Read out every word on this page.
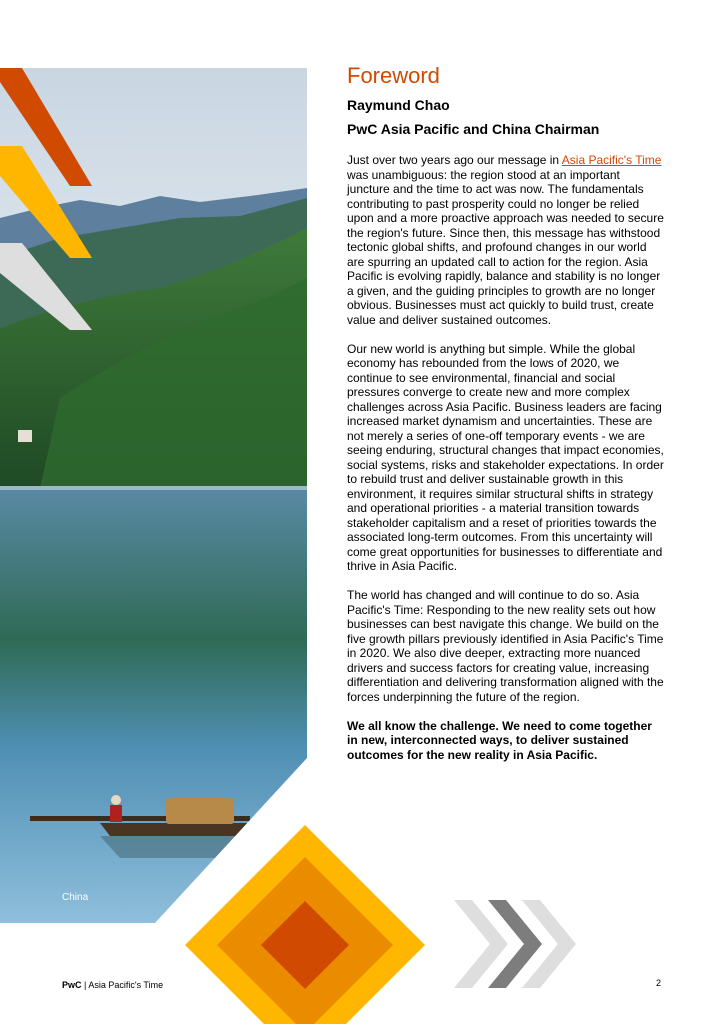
China
Foreword

Raymund Chao

PwC Asia Pacific and China Chairman

Just over two years ago our message in Asia Pacific's Time was unambiguous: the region stood at an important juncture and the time to act was now. The fundamentals contributing to past prosperity could no longer be relied upon and a more proactive approach was needed to secure the region's future. Since then, this message has withstood tectonic global shifts, and profound changes in our world are spurring an updated call to action for the region. Asia Pacific is evolving rapidly, balance and stability is no longer a given, and the guiding principles to growth are no longer obvious. Businesses must act quickly to build trust, create value and deliver sustained outcomes.

Our new world is anything but simple. While the global economy has rebounded from the lows of 2020, we continue to see environmental, financial and social pressures converge to create new and more complex challenges across Asia Pacific. Business leaders are facing increased market dynamism and uncertainties. These are not merely a series of one-off temporary events - we are seeing enduring, structural changes that impact economies, social systems, risks and stakeholder expectations. In order to rebuild trust and deliver sustainable growth in this environment, it requires similar structural shifts in strategy and operational priorities - a material transition towards stakeholder capitalism and a reset of priorities towards the associated long-term outcomes. From this uncertainty will come great opportunities for businesses to differentiate and thrive in Asia Pacific.

The world has changed and will continue to do so. Asia Pacific's Time: Responding to the new reality sets out how businesses can best navigate this change. We build on the five growth pillars previously identified in Asia Pacific's Time in 2020. We also dive deeper, extracting more nuanced drivers and success factors for creating value, increasing differentiation and delivering transformation aligned with the forces underpinning the future of the region.

We all know the challenge. We need to come together in new, interconnected ways, to deliver sustained outcomes for the new reality in Asia Pacific.

PwC | Asia Pacific's Time	2
